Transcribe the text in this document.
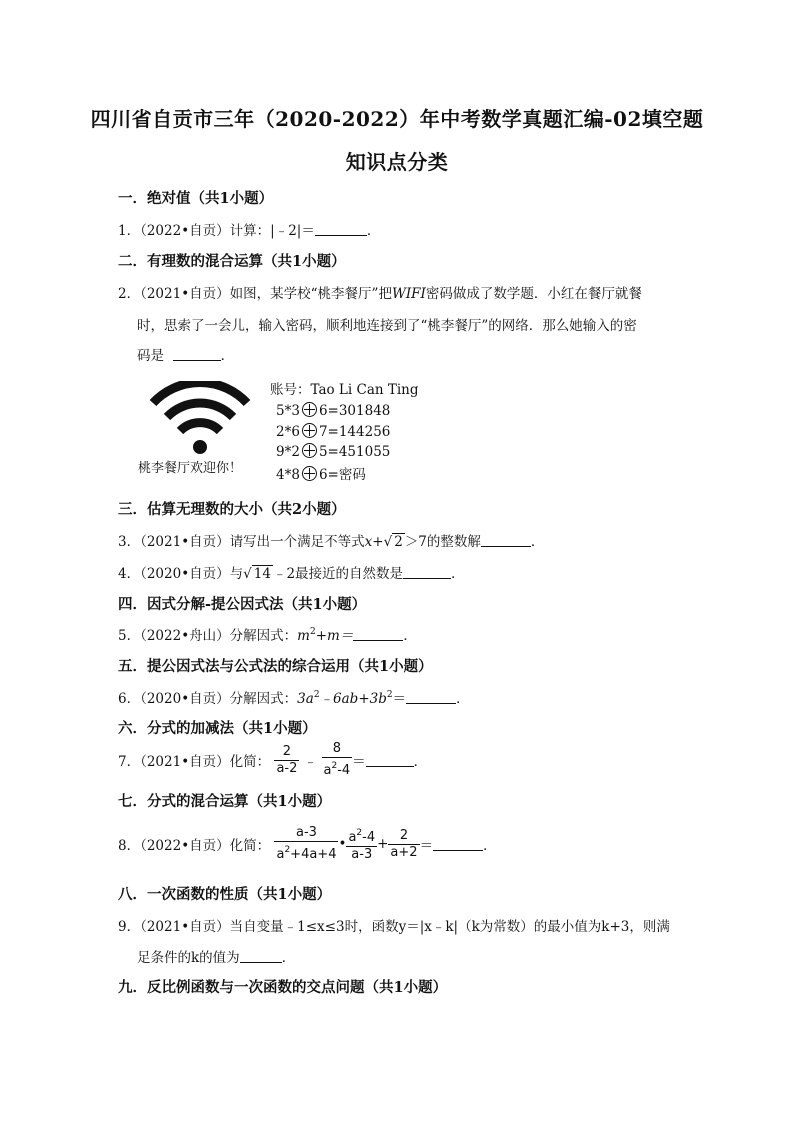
四川省自贡市三年（2020-2022）年中考数学真题汇编-02填空题
知识点分类
一．绝对值（共1小题）
1．（2022•自贡）计算：|﹣2|＝	．
二．有理数的混合运算（共1小题）
2．（2021•自贡）如图，某学校“桃李餐厅”把WIFI密码做成了数学题．小红在餐厅就餐
时，思索了一会儿，输入密码，顺利地连接到了“桃李餐厅”的网络．那么她输入的密
码是	．
桃李餐厅欢迎你！
账号：Tao Li Can Ting
5*3 6=301848
2*6 7=144256
9*2 5=451055
4*8 6=密码
三．估算无理数的大小（共2小题）
3．（2021•自贡）请写出一个满足不等式x+√ 2 ＞7的整数解	．
4．（2020•自贡）与√ 14 ﹣2最接近的自然数是	．
四．因式分解-提公因式法（共1小题）
5．（2022•舟山）分解因式：$m^2+m=$	．
五．提公因式法与公式法的综合运用（共1小题）
6．（2020•自贡）分解因式：$3a^2﹣6ab+3b^2=$	．
六．分式的加减法（共1小题）
7．（2021•自贡）化简： $\frac{2}{a-2}$ ﹣ $\frac{8}{a^2-4}$ ＝	．
七．分式的混合运算（共1小题）
8．（2022•自贡）化简： $\frac{a-3}{a^2+4a+4}$ • $\frac{a^2-4}{a-3} + \frac{2}{a+2}$ ＝	．
八．一次函数的性质（共1小题）
9．（2021•自贡）当自变量﹣1≤x≤3时，函数y＝|x﹣k|（k为常数）的最小值为k+3，则满
足条件的k的值为	．
九．反比例函数与一次函数的交点问题（共1小题）
